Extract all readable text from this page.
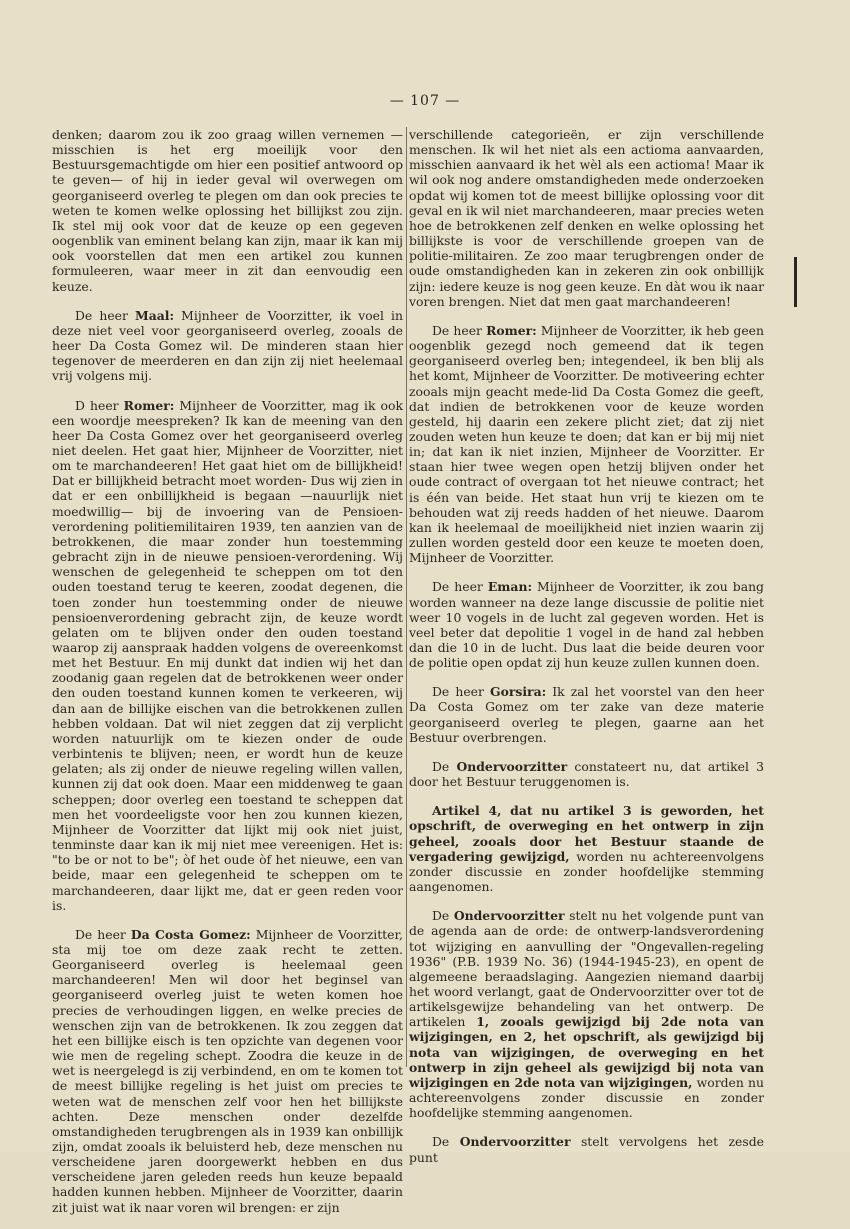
— 107 —

denken; daarom zou ik zoo graag willen vernemen —misschien is het erg moeilijk voor den Bestuursgemachtigde om hier een positief antwoord op te geven— of hij in ieder geval wil overwegen om georganiseerd overleg te plegen om dan ook precies te weten te komen welke oplossing het billijkst zou zijn. Ik stel mij ook voor dat de keuze op een gegeven oogenblik van eminent belang kan zijn, maar ik kan mij ook voorstellen dat men een artikel zou kunnen formuleeren, waar meer in zit dan eenvoudig een keuze.

De heer Maal: Mijnheer de Voorzitter, ik voel in deze niet veel voor georganiseerd overleg, zooals de heer Da Costa Gomez wil. De minderen staan hier tegenover de meerderen en dan zijn zij niet heelemaal vrij volgens mij.

D heer Romer: Mijnheer de Voorzitter, mag ik ook een woordje meespreken? Ik kan de meening van den heer Da Costa Gomez over het georganiseerd overleg niet deelen. Het gaat hier, Mijnheer de Voorzitter, niet om te marchandeeren! Het gaat hiet om de billijkheid! Dat er billijkheid betracht moet worden- Dus wij zien in dat er een onbillijkheid is begaan —nauurlijk niet moedwillig— bij de invoering van de Pensioen-verordening politiemilitairen 1939, ten aanzien van de betrokkenen, die maar zonder hun toestemming gebracht zijn in de nieuwe pensioen-verordening. Wij wenschen de gelegenheid te scheppen om tot den ouden toestand terug te keeren, zoodat degenen, die toen zonder hun toestemming onder de nieuwe pensioenverordening gebracht zijn, de keuze wordt gelaten om te blijven onder den ouden toestand waarop zij aanspraak hadden volgens de overeenkomst met het Bestuur. En mij dunkt dat indien wij het dan zoodanig gaan regelen dat de betrokkenen weer onder den ouden toestand kunnen komen te verkeeren, wij dan aan de billijke eischen van die betrokkenen zullen hebben voldaan. Dat wil niet zeggen dat zij verplicht worden natuurlijk om te kiezen onder de oude verbintenis te blijven; neen, er wordt hun de keuze gelaten; als zij onder de nieuwe regeling willen vallen, kunnen zij dat ook doen. Maar een middenweg te gaan scheppen; door overleg een toestand te scheppen dat men het voordeeligste voor hen zou kunnen kiezen, Mijnheer de Voorzitter dat lijkt mij ook niet juist, tenminste daar kan ik mij niet mee vereenigen. Het is: "to be or not to be"; òf het oude òf het nieuwe, een van beide, maar een gelegenheid te scheppen om te marchandeeren, daar lijkt me, dat er geen reden voor is.

De heer Da Costa Gomez: Mijnheer de Voorzitter, sta mij toe om deze zaak recht te zetten. Georganiseerd overleg is heelemaal geen marchandeeren! Men wil door het beginsel van georganiseerd overleg juist te weten komen hoe precies de verhoudingen liggen, en welke precies de wenschen zijn van de betrokkenen. Ik zou zeggen dat het een billijke eisch is ten opzichte van degenen voor wie men de regeling schept. Zoodra die keuze in de wet is neergelegd is zij verbindend, en om te komen tot de meest billijke regeling is het juist om precies te weten wat de menschen zelf voor hen het billijkste achten. Deze menschen onder dezelfde omstandigheden terugbrengen als in 1939 kan onbillijk zijn, omdat zooals ik beluisterd heb, deze menschen nu verscheidene jaren doorgewerkt hebben en dus verscheidene jaren geleden reeds hun keuze bepaald hadden kunnen hebben. Mijnheer de Voorzitter, daarin zit juist wat ik naar voren wil brengen: er zijn

verschillende categorieën, er zijn verschillende menschen. Ik wil het niet als een actioma aanvaarden, misschien aanvaard ik het wèl als een actioma! Maar ik wil ook nog andere omstandigheden mede onderzoeken opdat wij komen tot de meest billijke oplossing voor dit geval en ik wil niet marchandeeren, maar precies weten hoe de betrokkenen zelf denken en welke oplossing het billijkste is voor de verschillende groepen van de politie-militairen. Ze zoo maar terugbrengen onder de oude omstandigheden kan in zekeren zin ook onbillijk zijn: iedere keuze is nog geen keuze. En dàt wou ik naar voren brengen. Niet dat men gaat marchandeeren!

De heer Romer: Mijnheer de Voorzitter, ik heb geen oogenblik gezegd noch gemeend dat ik tegen georganiseerd overleg ben; integendeel, ik ben blij als het komt, Mijnheer de Voorzitter. De motiveering echter zooals mijn geacht mede-lid Da Costa Gomez die geeft, dat indien de betrokkenen voor de keuze worden gesteld, hij daarin een zekere plicht ziet; dat zij niet zouden weten hun keuze te doen; dat kan er bij mij niet in; dat kan ik niet inzien, Mijnheer de Voorzitter. Er staan hier twee wegen open hetzij blijven onder het oude contract of overgaan tot het nieuwe contract; het is één van beide. Het staat hun vrij te kiezen om te behouden wat zij reeds hadden of het nieuwe. Daarom kan ik heelemaal de moeilijkheid niet inzien waarin zij zullen worden gesteld door een keuze te moeten doen, Mijnheer de Voorzitter.

De heer Eman: Mijnheer de Voorzitter, ik zou bang worden wanneer na deze lange discussie de politie niet weer 10 vogels in de lucht zal gegeven worden. Het is veel beter dat depolitie 1 vogel in de hand zal hebben dan die 10 in de lucht. Dus laat die beide deuren voor de politie open opdat zij hun keuze zullen kunnen doen.

De heer Gorsira: Ik zal het voorstel van den heer Da Costa Gomez om ter zake van deze materie georganiseerd overleg te plegen, gaarne aan het Bestuur overbrengen.

De Ondervoorzitter constateert nu, dat artikel 3 door het Bestuur teruggenomen is.

Artikel 4, dat nu artikel 3 is geworden, het opschrift, de overweging en het ontwerp in zijn geheel, zooals door het Bestuur staande de vergadering gewijzigd, worden nu achtereenvolgens zonder discussie en zonder hoofdelijke stemming aangenomen.

De Ondervoorzitter stelt nu het volgende punt van de agenda aan de orde: de ontwerp-landsverordening tot wijziging en aanvulling der "Ongevallen-regeling 1936" (P.B. 1939 No. 36) (1944-1945-23), en opent de algemeene beraadslaging. Aangezien niemand daarbij het woord verlangt, gaat de Ondervoorzitter over tot de artikelsgewijze behandeling van het ontwerp. De artikelen 1, zooals gewijzigd bij 2de nota van wijzigingen, en 2, het opschrift, als gewijzigd bij nota van wijzigingen, de overweging en het ontwerp in zijn geheel als gewijzigd bij nota van wijzigingen en 2de nota van wijzigingen, worden nu achtereenvolgens zonder discussie en zonder hoofdelijke stemming aangenomen.

De Ondervoorzitter stelt vervolgens het zesde punt
